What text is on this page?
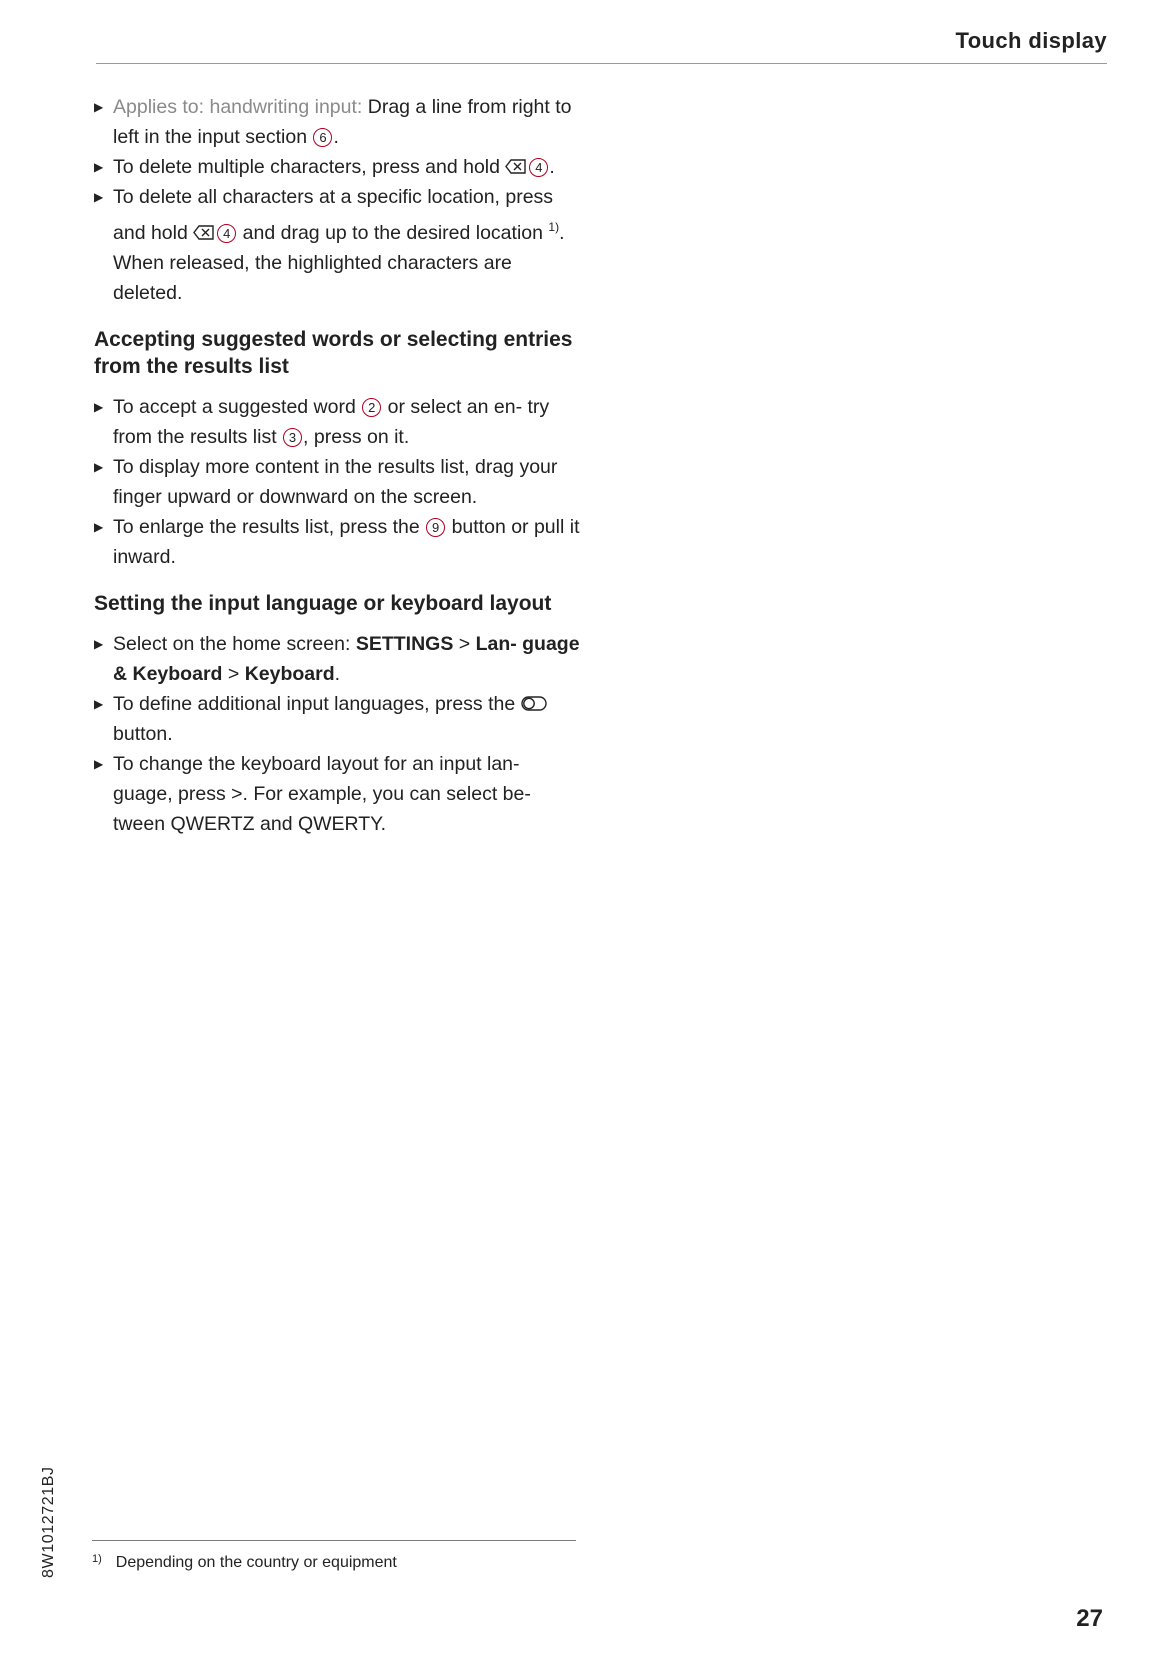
Touch display
▶ Applies to: handwriting input: Drag a line from right to left in the input section 6 .
▶ To delete multiple characters, press and hold
4 .
▶ To delete all characters at a specific location, press and hold
4 and drag up to the desired location $^{1)}$. When released, the highlighted characters are deleted.
Accepting suggested words or selecting entries from the results list
▶ To accept a suggested word 2 or select an en- try from the results list 3 , press on it.
▶ To display more content in the results list, drag your finger upward or downward on the screen.
▶ To enlarge the results list, press the 9 button or pull it inward.
Setting the input language or keyboard layout
▶ Select on the home screen: SETTINGS > Lan- guage & Keyboard > Keyboard.
▶ To define additional input languages, press the  button.
▶ To change the keyboard layout for an input lan- guage, press >. For example, you can select be- tween QWERTZ and QWERTY.
$^{1)}$ Depending on the country or equipment
8W1012721BJ
27
